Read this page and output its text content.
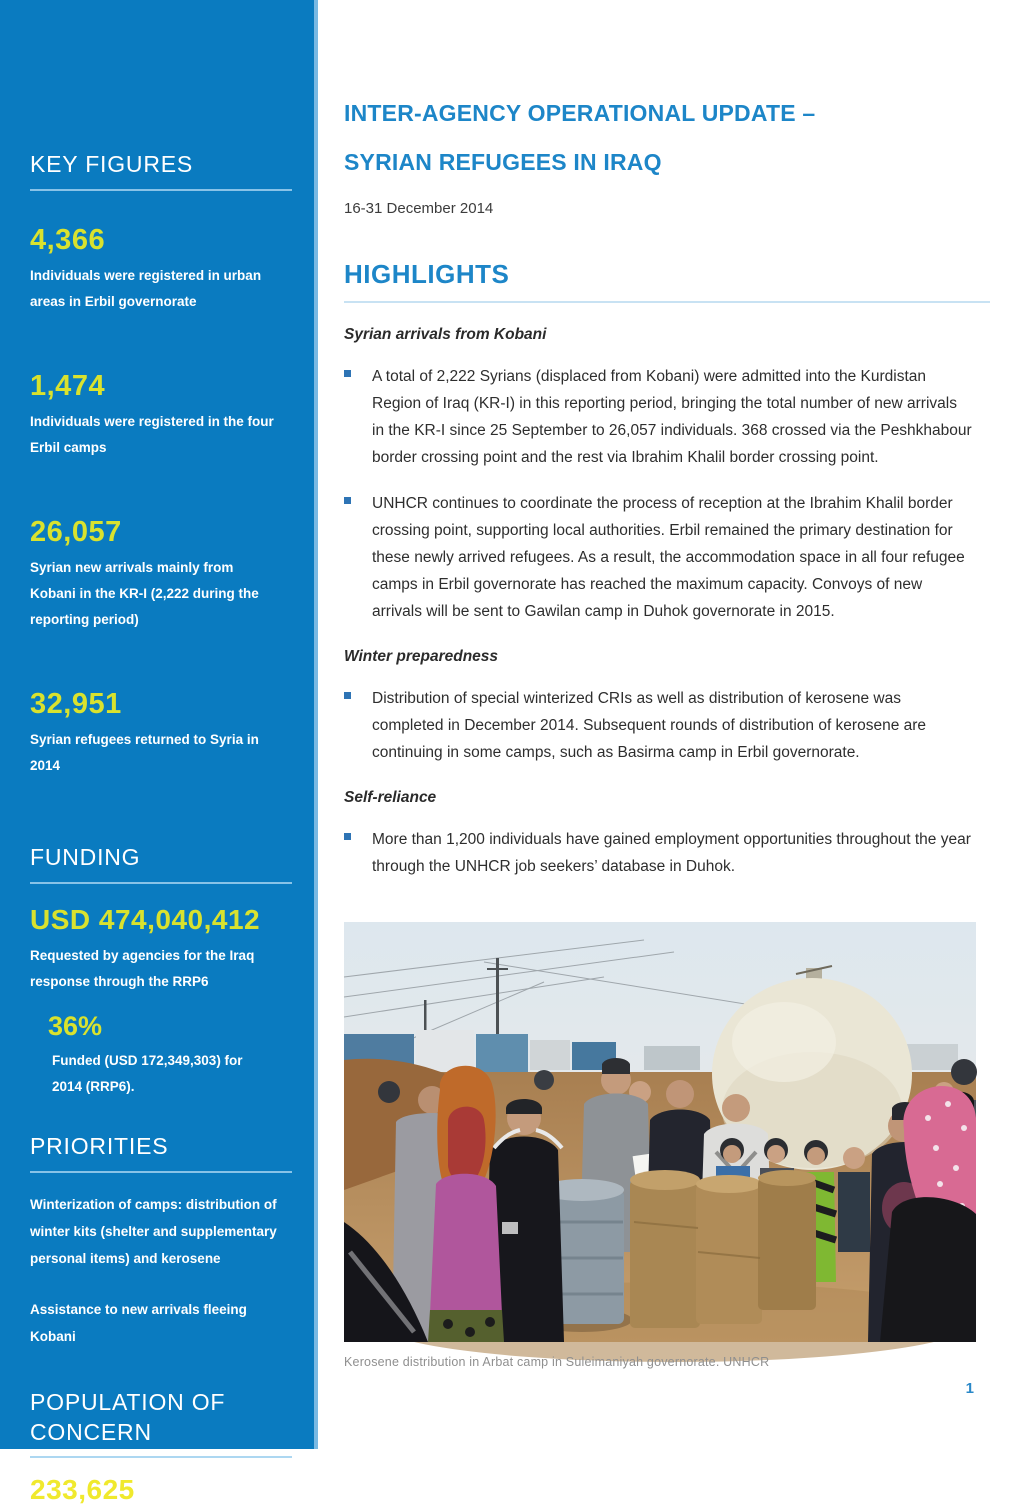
KEY FIGURES
4,366
Individuals were registered in urban areas in Erbil governorate
1,474
Individuals were registered in the four Erbil camps
26,057
Syrian new arrivals mainly from Kobani in the KR-I (2,222 during the reporting period)
32,951
Syrian refugees returned to Syria in 2014
FUNDING
USD 474,040,412
Requested by agencies for the Iraq response through the RRP6
36%
Funded (USD 172,349,303) for 2014 (RRP6).
PRIORITIES
Winterization of camps: distribution of winter kits (shelter and supplementary personal items) and kerosene
Assistance to new arrivals fleeing Kobani
POPULATION OF CONCERN
233,625 Syrian refugees
INTER-AGENCY OPERATIONAL UPDATE –
SYRIAN REFUGEES IN IRAQ
16-31 December 2014
HIGHLIGHTS
Syrian arrivals from Kobani
A total of 2,222 Syrians (displaced from Kobani) were admitted into the Kurdistan Region of Iraq (KR-I) in this reporting period, bringing the total number of new arrivals in the KR-I since 25 September to 26,057 individuals. 368 crossed via the Peshkhabour border crossing point and the rest via Ibrahim Khalil border crossing point.
UNHCR continues to coordinate the process of reception at the Ibrahim Khalil border crossing point, supporting local authorities. Erbil remained the primary destination for these newly arrived refugees. As a result, the accommodation space in all four refugee camps in Erbil governorate has reached the maximum capacity. Convoys of new arrivals will be sent to Gawilan camp in Duhok governorate in 2015.
Winter preparedness
Distribution of special winterized CRIs as well as distribution of kerosene was completed in December 2014. Subsequent rounds of distribution of kerosene are continuing in some camps, such as Basirma camp in Erbil governorate.
Self-reliance
More than 1,200 individuals have gained employment opportunities throughout the year through the UNHCR job seekers’ database in Duhok.
Kerosene distribution in Arbat camp in Suleimaniyah governorate. UNHCR
1
